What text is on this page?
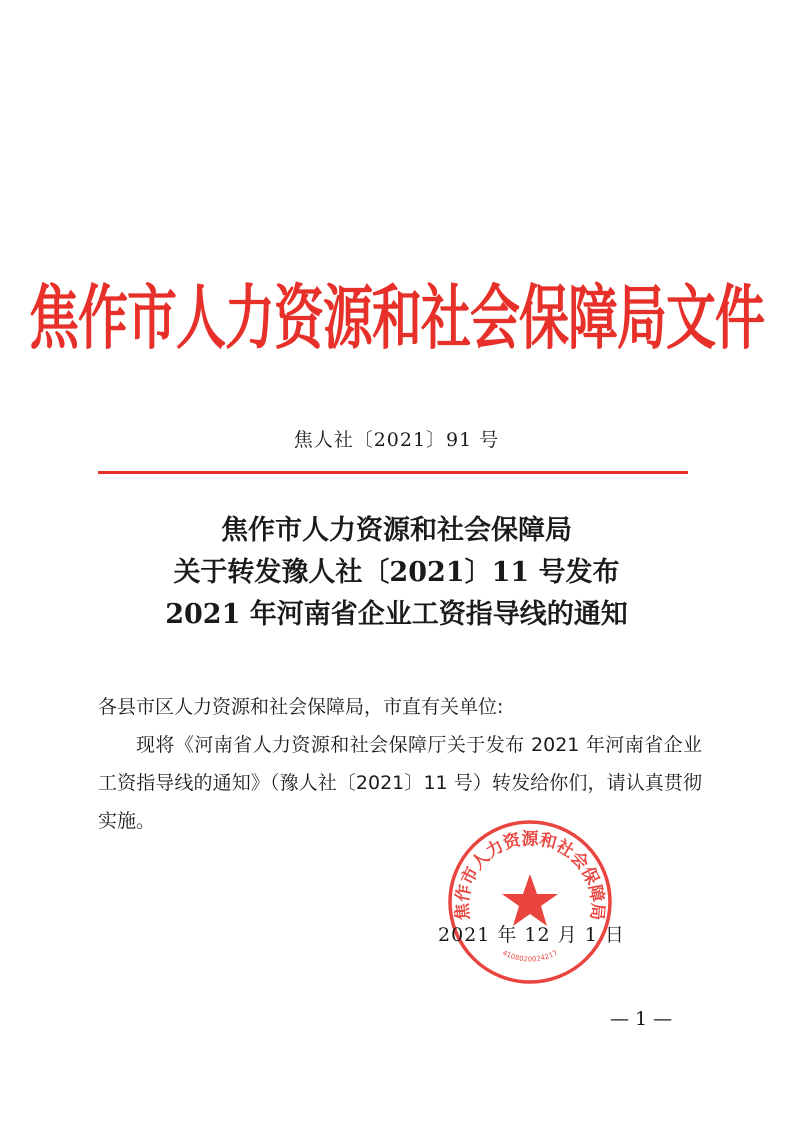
焦作市人力资源和社会保障局文件
焦人社〔2021〕91 号
焦作市人力资源和社会保障局
关于转发豫人社〔2021〕11 号发布
2021 年河南省企业工资指导线的通知

各县市区人力资源和社会保障局，市直有关单位:

现将《河南省人力资源和社会保障厅关于发布 2021 年河南省企业工资指导线的通知》（豫人社〔2021〕11 号）转发给你们，请认真贯彻实施。

焦作市人力资源和社会保障局
4108020024217
2021 年 12 月 1 日
— 1 —
